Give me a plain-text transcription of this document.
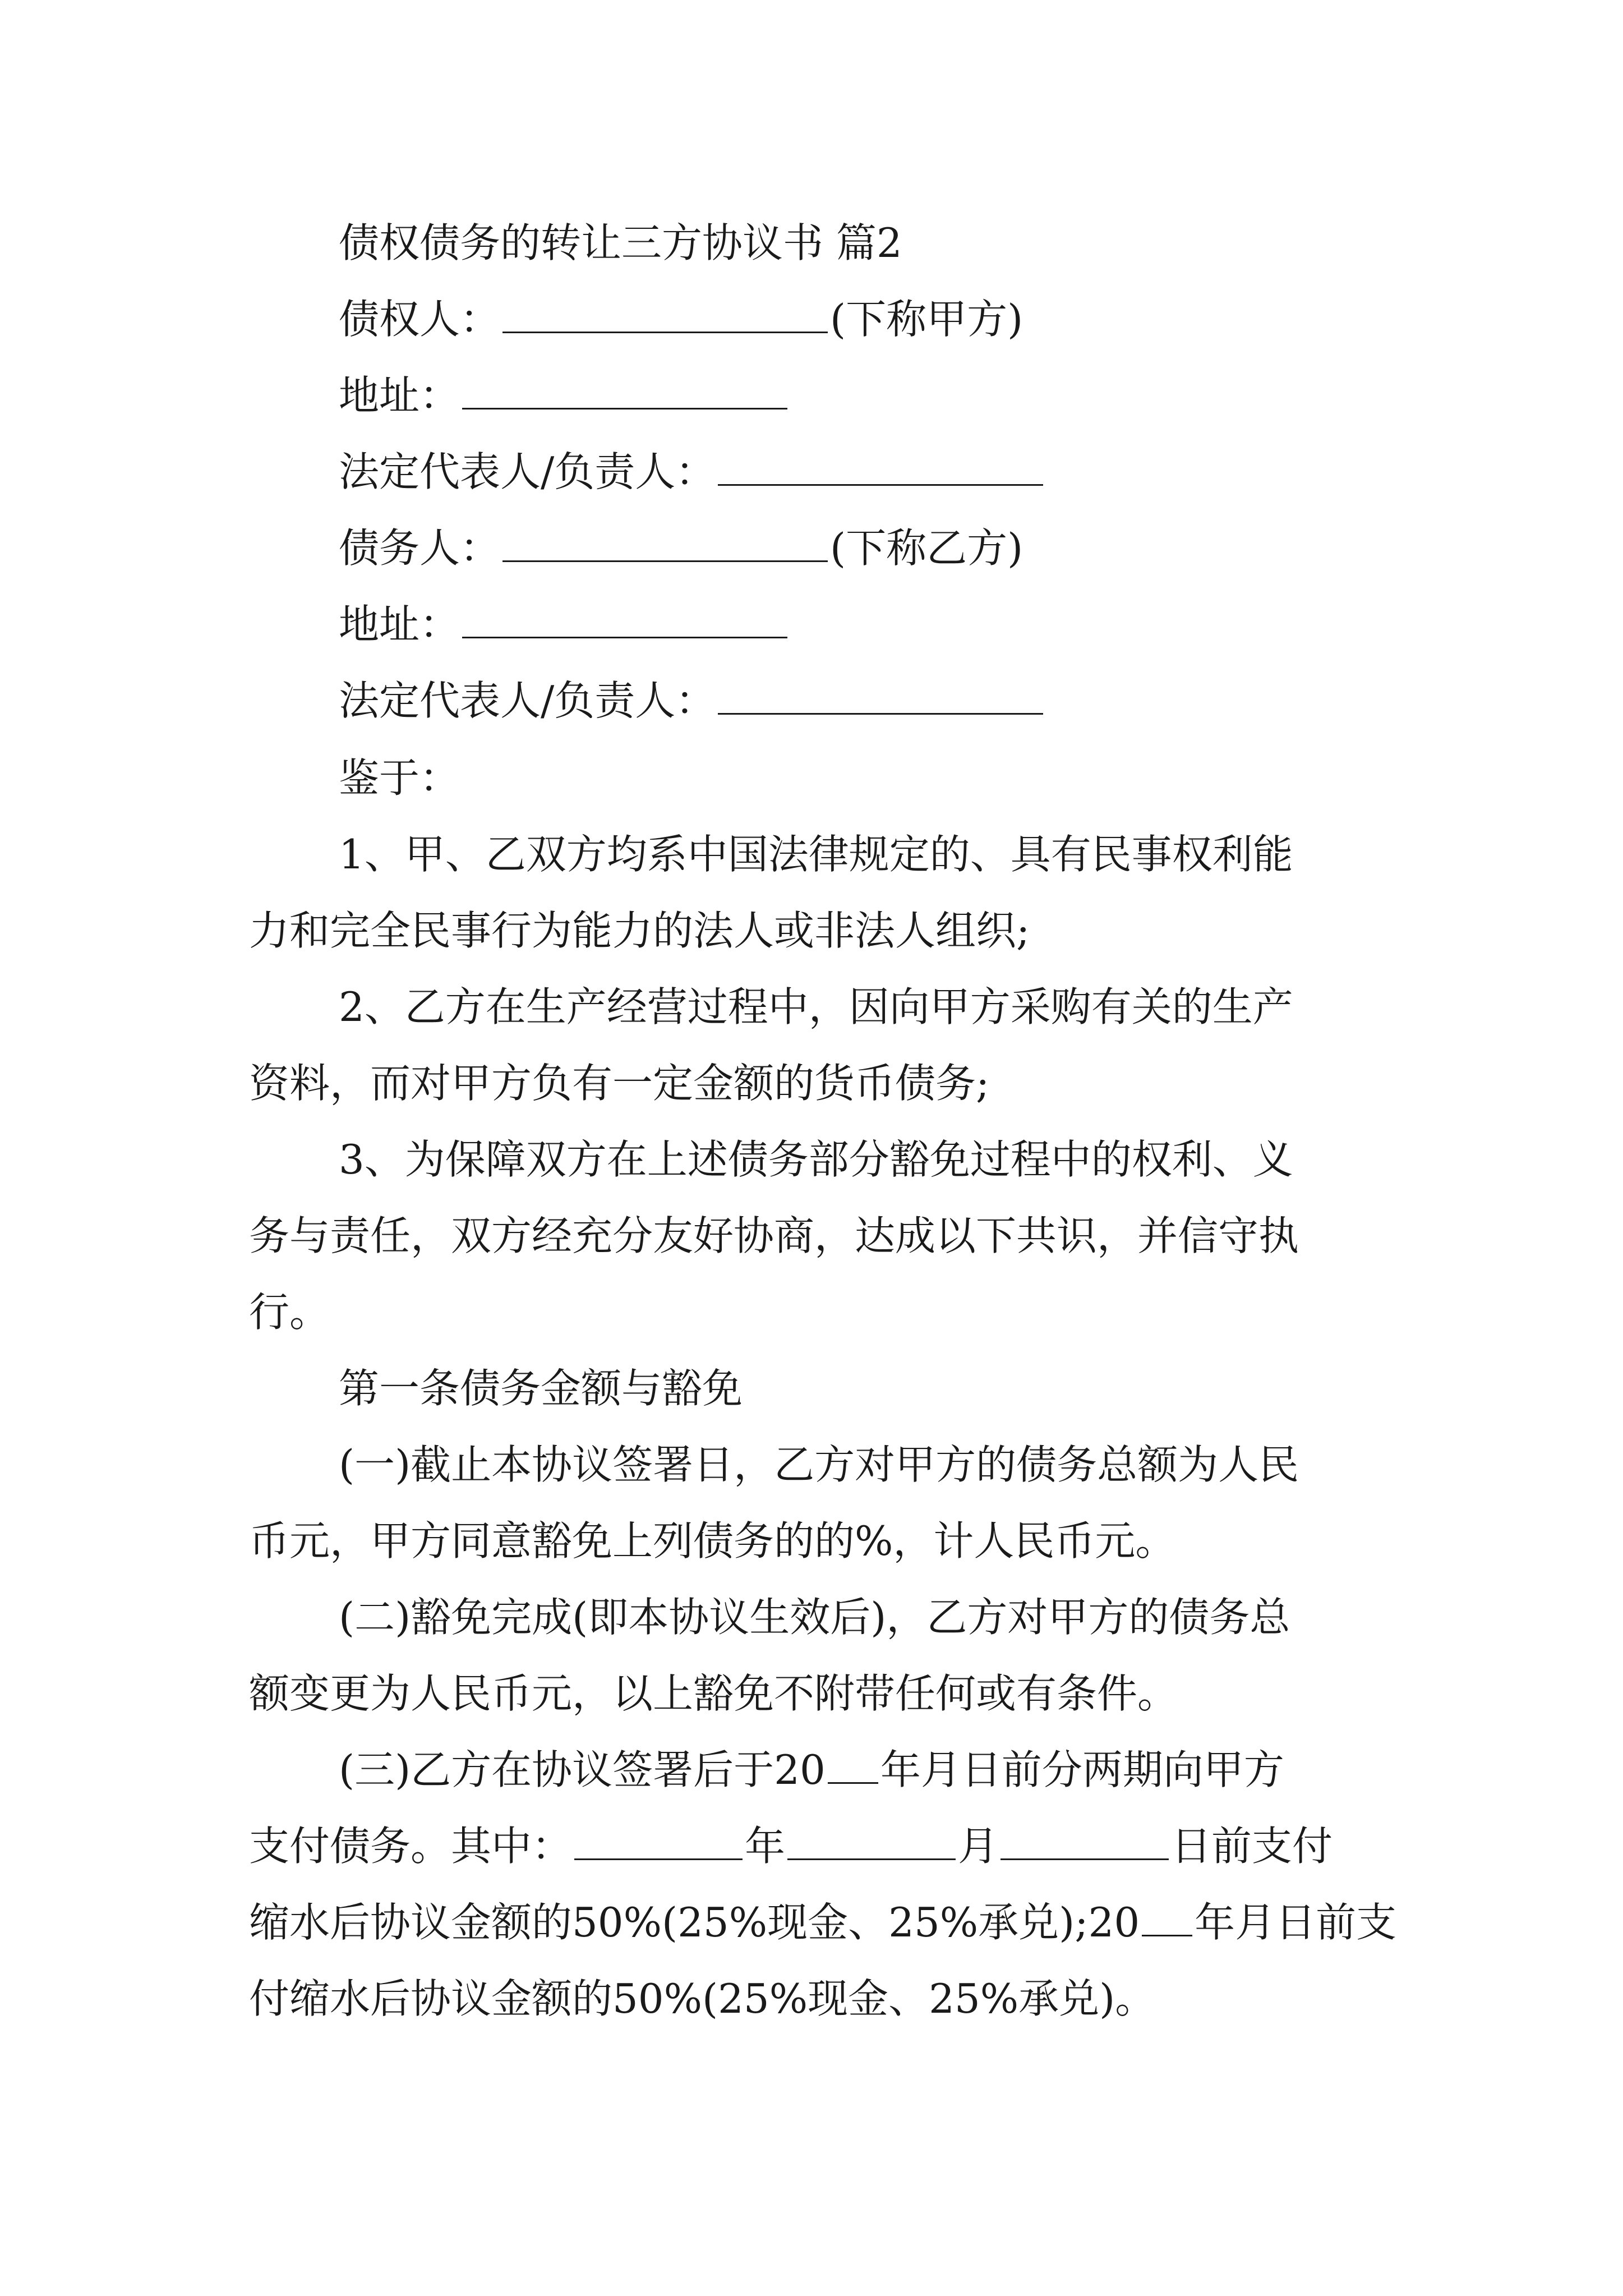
债权债务的转让三方协议书 篇2
债权人：	(下称甲方)
地址：
法定代表人/负责人：
债务人：	(下称乙方)
地址：
法定代表人/负责人：
鉴于：
1、甲、乙双方均系中国法律规定的、具有民事权利能
力和完全民事行为能力的法人或非法人组织;
2、乙方在生产经营过程中，因向甲方采购有关的生产
资料，而对甲方负有一定金额的货币债务;
3、为保障双方在上述债务部分豁免过程中的权利、义
务与责任，双方经充分友好协商，达成以下共识，并信守执
行。
第一条债务金额与豁免
(一)截止本协议签署日，乙方对甲方的债务总额为人民
币元，甲方同意豁免上列债务的的%，计人民币元。
(二)豁免完成(即本协议生效后)，乙方对甲方的债务总
额变更为人民币元，以上豁免不附带任何或有条件。
(三)乙方在协议签署后于20 年月日前分两期向甲方
支付债务。其中：	年	月	日前支付
缩水后协议金额的50%(25%现金、25%承兑);20 年月日前支
付缩水后协议金额的50%(25%现金、25%承兑)。
